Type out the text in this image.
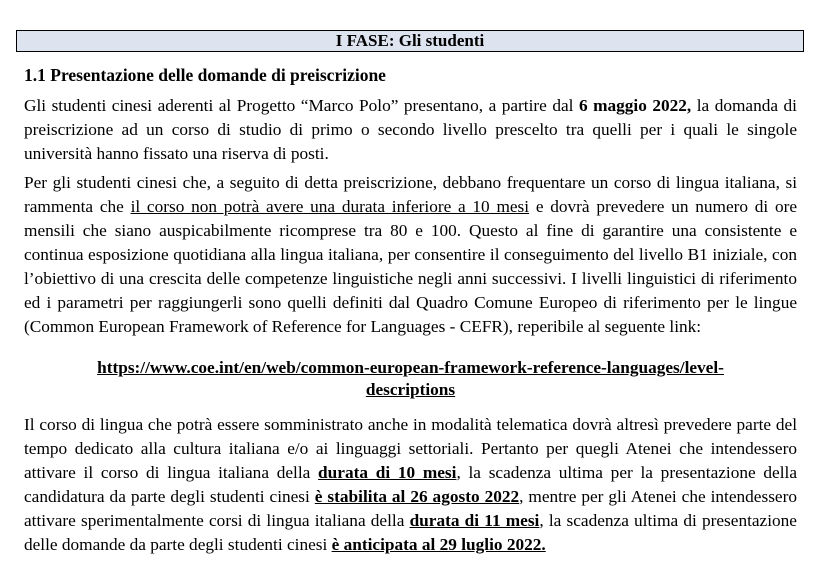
I FASE: Gli studenti
1.1 Presentazione delle domande di preiscrizione

Gli studenti cinesi aderenti al Progetto “Marco Polo” presentano, a partire dal 6 maggio 2022, la domanda di preiscrizione ad un corso di studio di primo o secondo livello prescelto tra quelli per i quali le singole università hanno fissato una riserva di posti.

Per gli studenti cinesi che, a seguito di detta preiscrizione, debbano frequentare un corso di lingua italiana, si rammenta che il corso non potrà avere una durata inferiore a 10 mesi e dovrà prevedere un numero di ore mensili che siano auspicabilmente ricomprese tra 80 e 100. Questo al fine di garantire una consistente e continua esposizione quotidiana alla lingua italiana, per consentire il conseguimento del livello B1 iniziale, con l’obiettivo di una crescita delle competenze linguistiche negli anni successivi. I livelli linguistici di riferimento ed i parametri per raggiungerli sono quelli definiti dal Quadro Comune Europeo di riferimento per le lingue (Common European Framework of Reference for Languages - CEFR), reperibile al seguente link:

https://www.coe.int/en/web/common-european-framework-reference-languages/level-
descriptions

Il corso di lingua che potrà essere somministrato anche in modalità telematica dovrà altresì prevedere parte del tempo dedicato alla cultura italiana e/o ai linguaggi settoriali. Pertanto per quegli Atenei che intendessero attivare il corso di lingua italiana della durata di 10 mesi, la scadenza ultima per la presentazione della candidatura da parte degli studenti cinesi è stabilita al 26 agosto 2022, mentre per gli Atenei che intendessero attivare sperimentalmente corsi di lingua italiana della durata di 11 mesi, la scadenza ultima di presentazione delle domande da parte degli studenti cinesi è anticipata al 29 luglio 2022.
